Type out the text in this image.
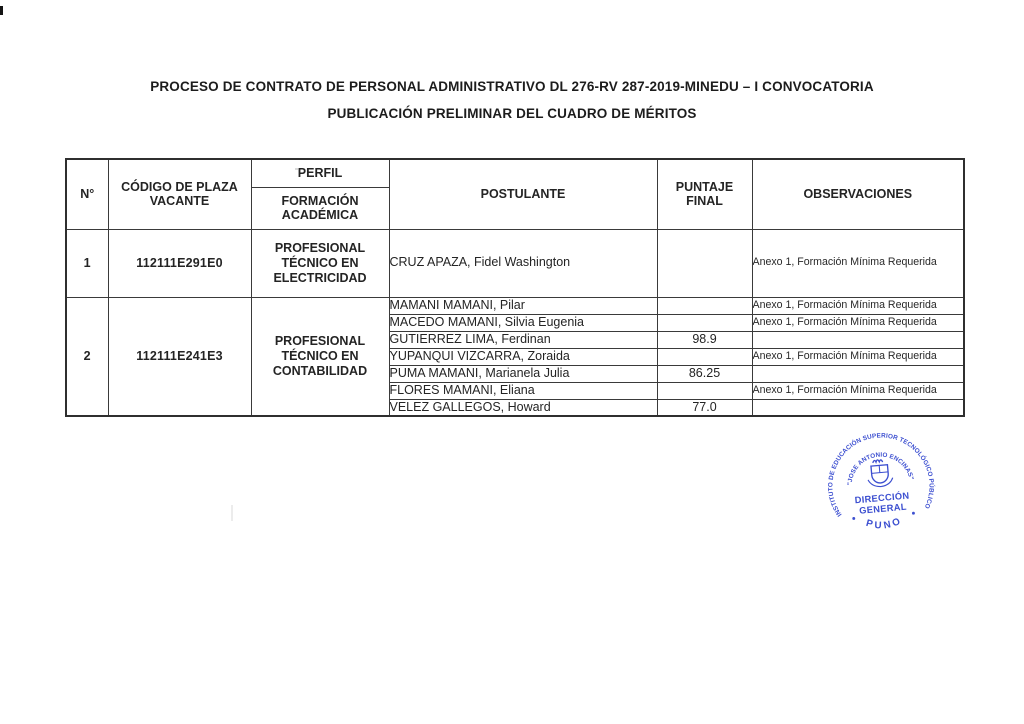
PROCESO DE CONTRATO DE PERSONAL ADMINISTRATIVO DL 276-RV 287-2019-MINEDU – I CONVOCATORIA
PUBLICACIÓN PRELIMINAR DEL CUADRO DE MÉRITOS
N°	CÓDIGO DE PLAZA VACANTE	PERFIL	POSTULANTE	PUNTAJE FINAL	OBSERVACIONES
		FORMACIÓN ACADÉMICA			
1	112111E291E0	PROFESIONAL TÉCNICO EN ELECTRICIDAD	CRUZ APAZA, Fidel Washington		Anexo 1, Formación Mínima Requerida
2	112111E241E3	PROFESIONAL TÉCNICO EN CONTABILIDAD	MAMANI MAMANI, Pilar		Anexo 1, Formación Mínima Requerida
			MACEDO MAMANI, Silvia Eugenia		Anexo 1, Formación Mínima Requerida
			GUTIERREZ LIMA, Ferdinan	98.9	
			YUPANQUI VIZCARRA, Zoraida		Anexo 1, Formación Mínima Requerida
			PUMA MAMANI, Marianela Julia	86.25	
			FLORES MAMANI, Eliana		Anexo 1, Formación Mínima Requerida
			VELEZ GALLEGOS, Howard	77.0	
INSTITUTO DE EDUCACIÓN SUPERIOR TECNOLÓGICO PÚBLICO
"JOSE ANTONIO ENCINAS"
PUNO
DIRECCIÓN
GENERAL
